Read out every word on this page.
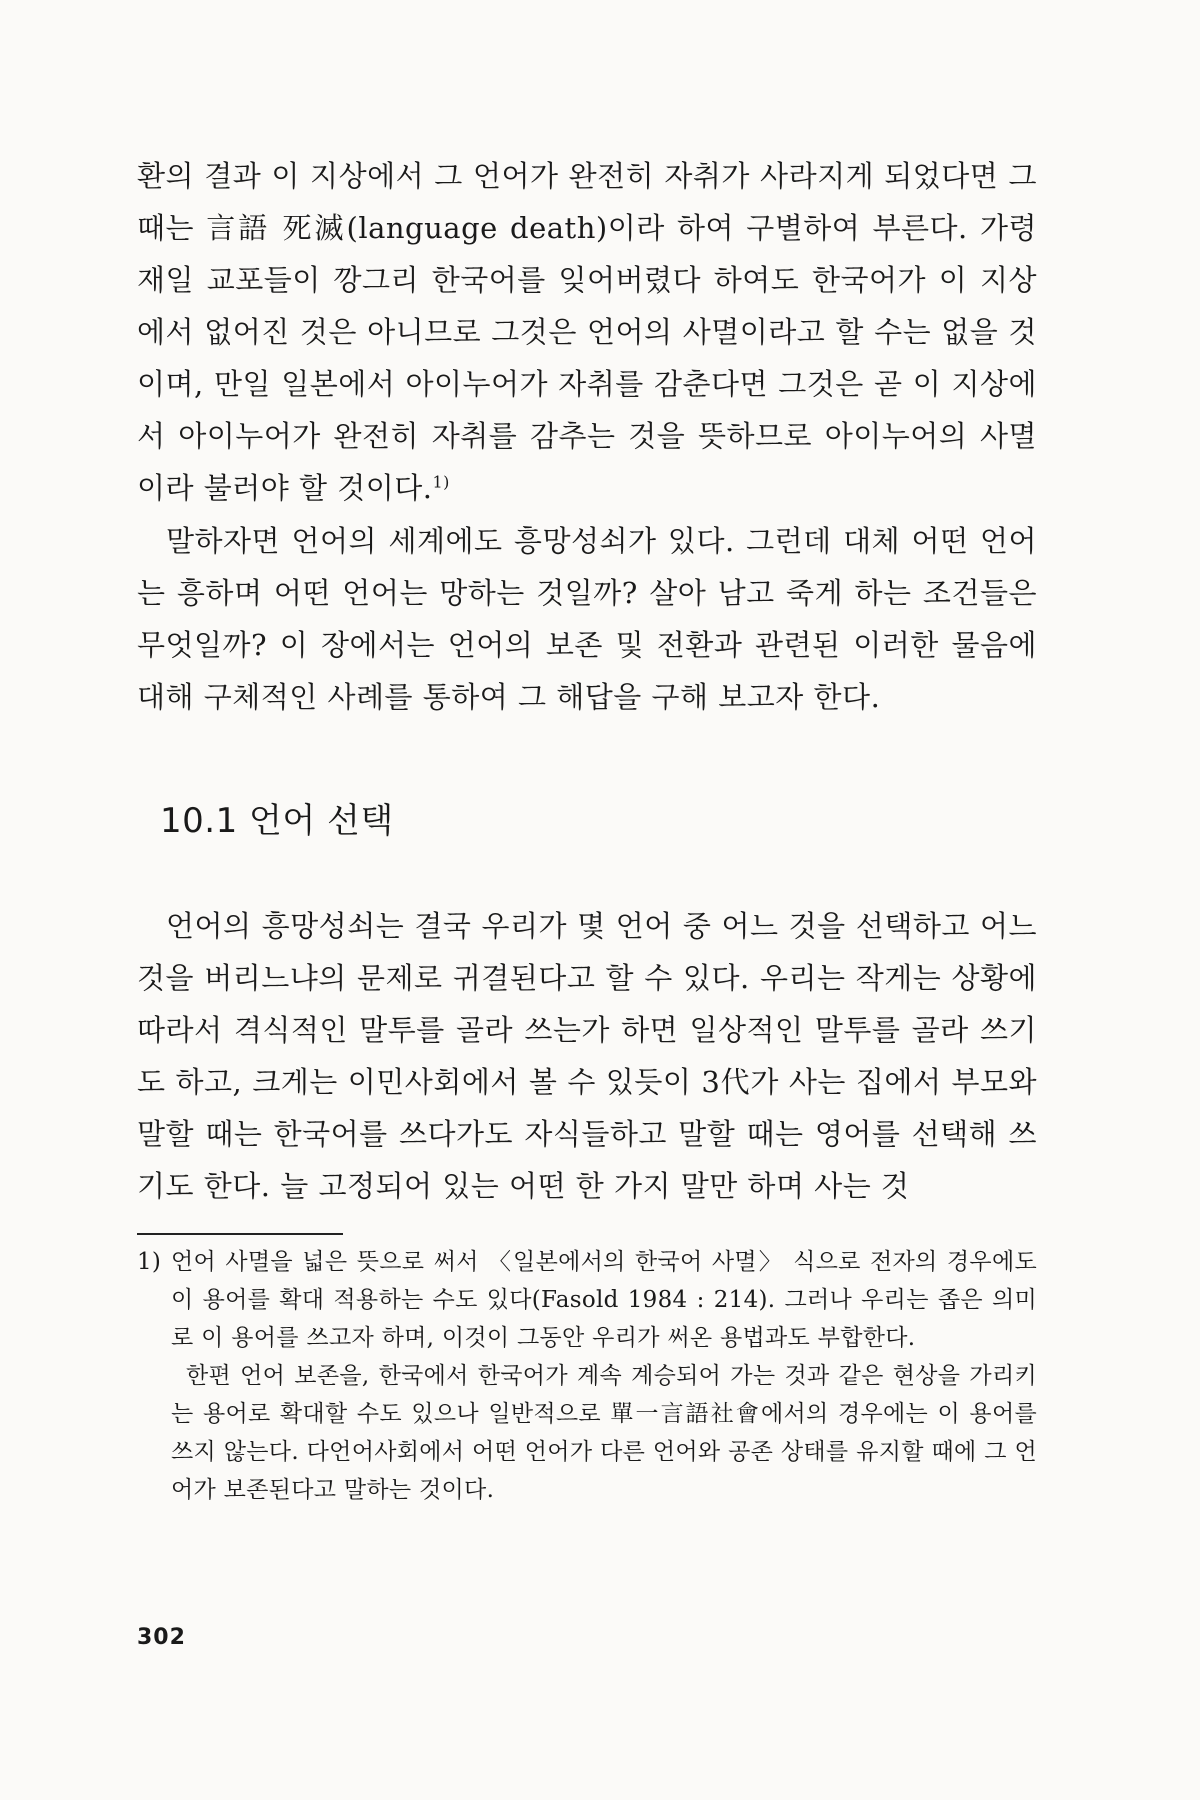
환의 결과 이 지상에서 그 언어가 완전히 자취가 사라지게 되었다면 그때는 言語 死滅(language death)이라 하여 구별하여 부른다. 가령 재일 교포들이 깡그리 한국어를 잊어버렸다 하여도 한국어가 이 지상에서 없어진 것은 아니므로 그것은 언어의 사멸이라고 할 수는 없을 것이며, 만일 일본에서 아이누어가 자취를 감춘다면 그것은 곧 이 지상에서 아이누어가 완전히 자취를 감추는 것을 뜻하므로 아이누어의 사멸이라 불러야 할 것이다.$^{1)}$

말하자면 언어의 세계에도 흥망성쇠가 있다. 그런데 대체 어떤 언어는 흥하며 어떤 언어는 망하는 것일까? 살아 남고 죽게 하는 조건들은 무엇일까? 이 장에서는 언어의 보존 및 전환과 관련된 이러한 물음에 대해 구체적인 사례를 통하여 그 해답을 구해 보고자 한다.

10.1 언어 선택

언어의 흥망성쇠는 결국 우리가 몇 언어 중 어느 것을 선택하고 어느 것을 버리느냐의 문제로 귀결된다고 할 수 있다. 우리는 작게는 상황에 따라서 격식적인 말투를 골라 쓰는가 하면 일상적인 말투를 골라 쓰기도 하고, 크게는 이민사회에서 볼 수 있듯이 3代가 사는 집에서 부모와 말할 때는 한국어를 쓰다가도 자식들하고 말할 때는 영어를 선택해 쓰기도 한다. 늘 고정되어 있는 어떤 한 가지 말만 하며 사는 것

1) 언어 사멸을 넓은 뜻으로 써서 〈일본에서의 한국어 사멸〉 식으로 전자의 경우에도 이 용어를 확대 적용하는 수도 있다(Fasold 1984 : 214). 그러나 우리는 좁은 의미로 이 용어를 쓰고자 하며, 이것이 그동안 우리가 써온 용법과도 부합한다.

한편 언어 보존을, 한국에서 한국어가 계속 계승되어 가는 것과 같은 현상을 가리키는 용어로 확대할 수도 있으나 일반적으로 單一言語社會에서의 경우에는 이 용어를 쓰지 않는다. 다언어사회에서 어떤 언어가 다른 언어와 공존 상태를 유지할 때에 그 언어가 보존된다고 말하는 것이다.

302
